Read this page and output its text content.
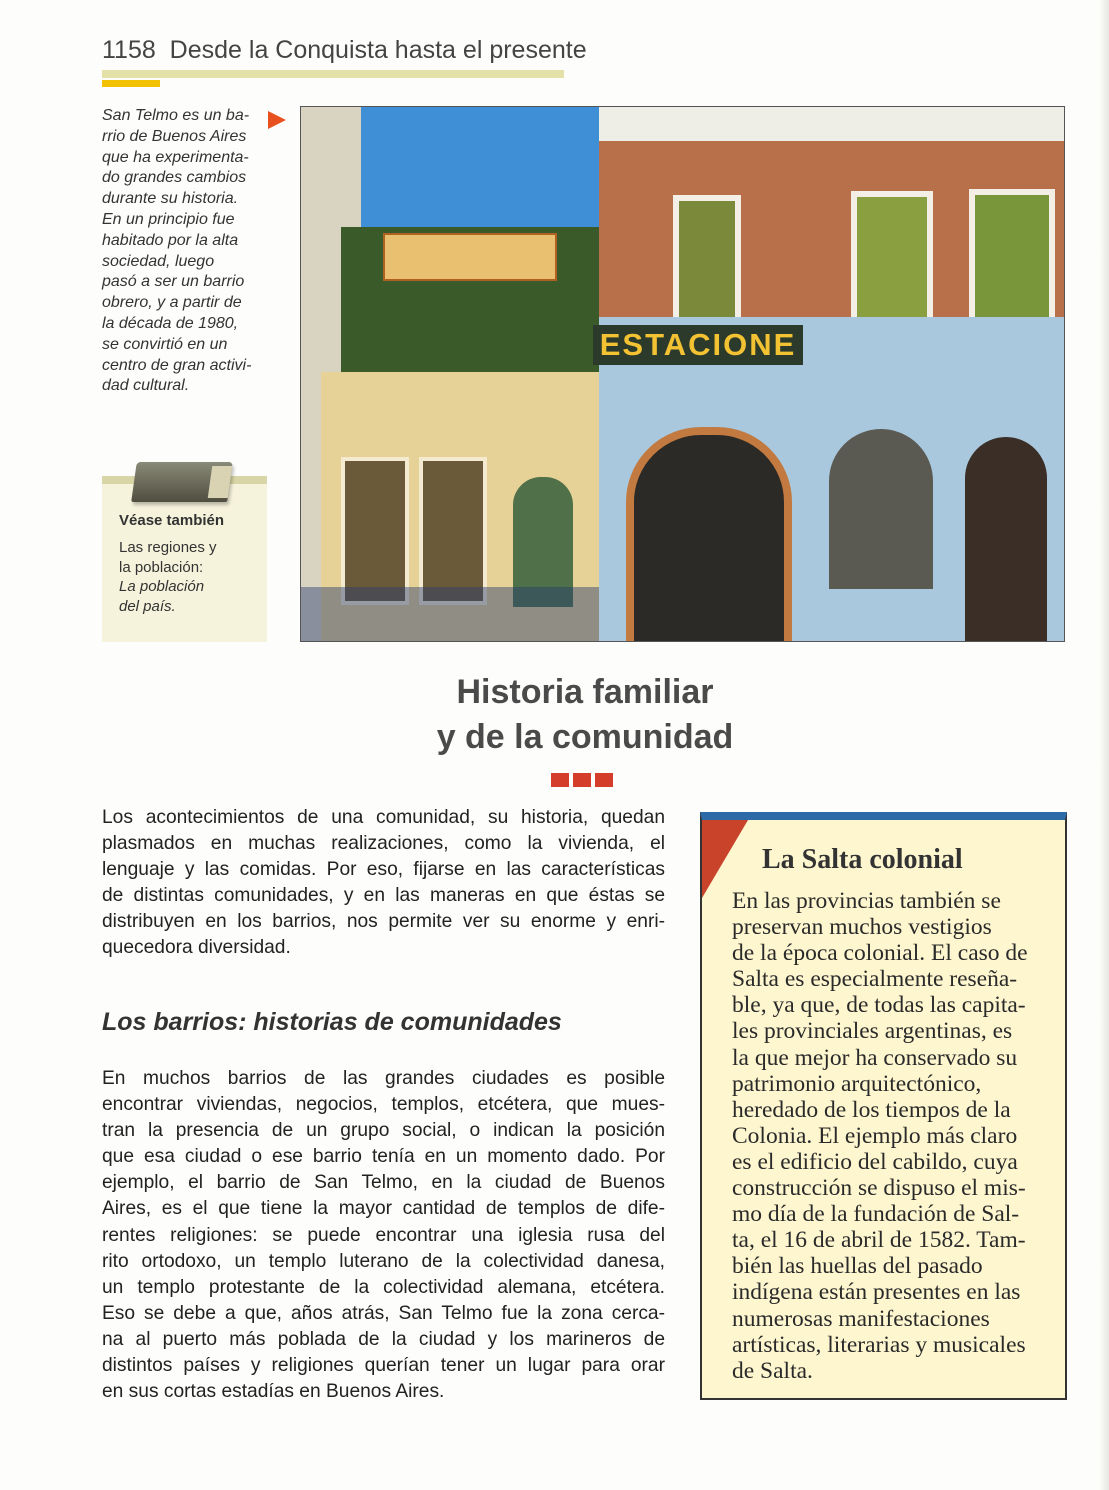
1158 Desde la Conquista hasta el presente
San Telmo es un ba-
rrio de Buenos Aires
que ha experimenta-
do grandes cambios
durante su historia.
En un principio fue
habitado por la alta
sociedad, luego
pasó a ser un barrio
obrero, y a partir de
la década de 1980,
se convirtió en un
centro de gran activi-
dad cultural.
Véase también
Las regiones y
la población:
La población
del país.
ESTACIONE
Historia familiar
y de la comunidad
Los acontecimientos de una comunidad, su historia, quedan
plasmados en muchas realizaciones, como la vivienda, el
lenguaje y las comidas. Por eso, fijarse en las características
de distintas comunidades, y en las maneras en que éstas se
distribuyen en los barrios, nos permite ver su enorme y enri-
quecedora diversidad.
Los barrios: historias de comunidades
En muchos barrios de las grandes ciudades es posible
encontrar viviendas, negocios, templos, etcétera, que mues-
tran la presencia de un grupo social, o indican la posición
que esa ciudad o ese barrio tenía en un momento dado. Por
ejemplo, el barrio de San Telmo, en la ciudad de Buenos
Aires, es el que tiene la mayor cantidad de templos de dife-
rentes religiones: se puede encontrar una iglesia rusa del
rito ortodoxo, un templo luterano de la colectividad danesa,
un templo protestante de la colectividad alemana, etcétera.
Eso se debe a que, años atrás, San Telmo fue la zona cerca-
na al puerto más poblada de la ciudad y los marineros de
distintos países y religiones querían tener un lugar para orar
en sus cortas estadías en Buenos Aires.
La Salta colonial
En las provincias también se
preservan muchos vestigios
de la época colonial. El caso de
Salta es especialmente reseña-
ble, ya que, de todas las capita-
les provinciales argentinas, es
la que mejor ha conservado su
patrimonio arquitectónico,
heredado de los tiempos de la
Colonia. El ejemplo más claro
es el edificio del cabildo, cuya
construcción se dispuso el mis-
mo día de la fundación de Sal-
ta, el 16 de abril de 1582. Tam-
bién las huellas del pasado
indígena están presentes en las
numerosas manifestaciones
artísticas, literarias y musicales
de Salta.
